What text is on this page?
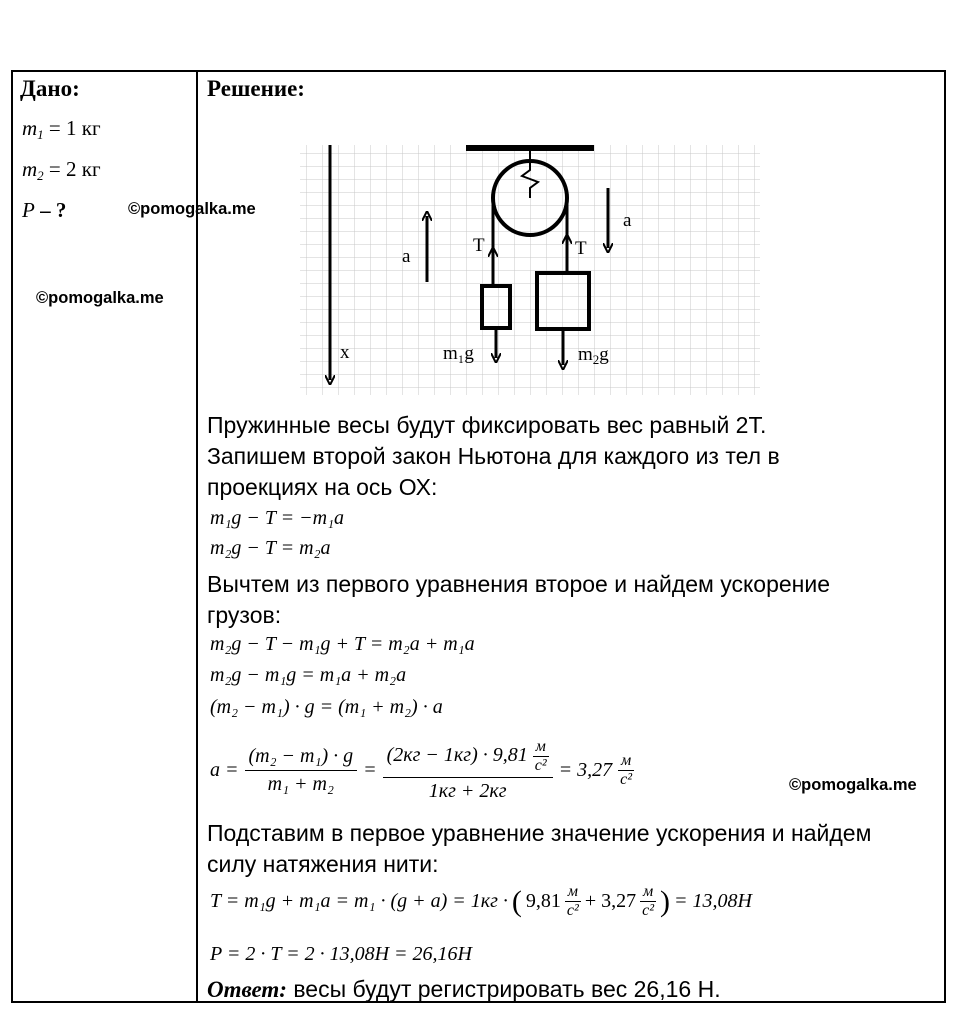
Дано:
$m_1 = 1$ кг
$m_2 = 2$ кг
P – ?	©pomogalka.me
©pomogalka.me
©pomogalka.me
Решение:
a
a
T	T
m₁g	$m_2g$
x
Пружинные весы будут фиксировать вес равный 2Т.
Запишем второй закон Ньютона для каждого из тел в
проекциях на ось ОХ:
m₁g − T = −m₁a
m₂g − T = m₂a
Вычтем из первого уравнения второе и найдем ускорение
грузов:
m₂g − T − m₁g + T = m₂a + m₁a
m₂g − m₁g = m₁a + m₂a
(m₂ − m₁) · g = (m₁ + m₂) · a
$a = \frac{\text{(m₂ − m₁) · g}}{\text{m₁ + m₂}} = \frac{(2кг - 1кг) \cdot 9,81 \frac{м}{\text{с²}}}{1кг + 2кг} = 3,27 \frac{м}{\text{с²}}$
Подставим в первое уравнение значение ускорения и найдем
силу натяжения нити:
T = m₁g + m₁a = m₁ · (g + a) = 1кг · ( $9,81 \frac{м}{\text{с²}} + 3,27 \frac{м}{\text{с²}}$ ) = 13,08Н
P = 2 · T = 2 · 13,08Н = 26,16Н
Ответ: весы будут регистрировать вес 26,16 Н.
